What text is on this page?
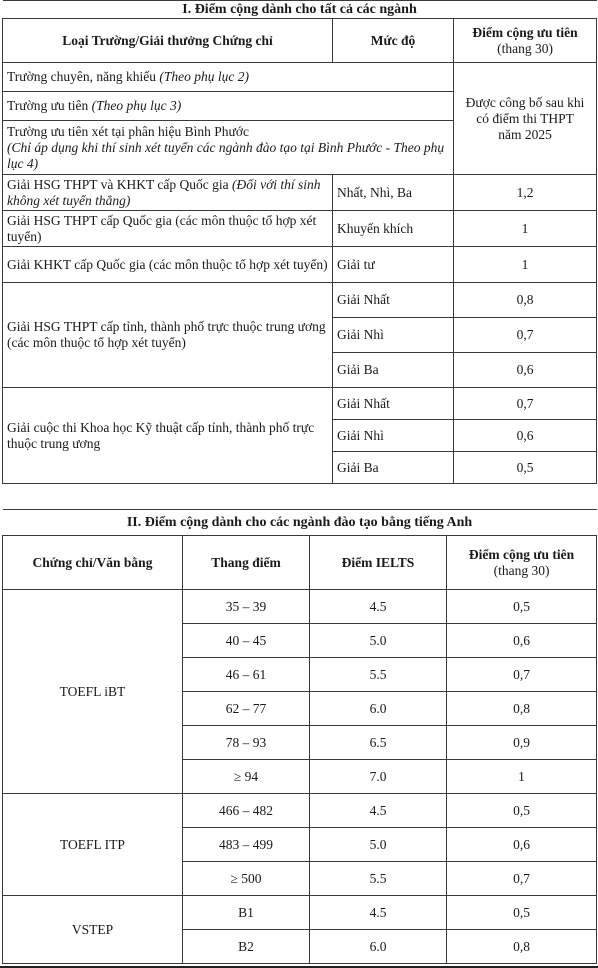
I. Điểm cộng dành cho tất cả các ngành		
Loại Trường/Giải thưởng Chứng chỉ	Mức độ	Điểm cộng ưu tiên
(thang 30)
Trường chuyên, năng khiếu (Theo phụ lục 2)		Được công bố sau khi có điểm thi THPT năm 2025
Trường ưu tiên (Theo phụ lục 3)		
Trường ưu tiên xét tại phân hiệu Bình Phước
(Chỉ áp dụng khi thí sinh xét tuyển các ngành đào tạo tại Bình Phước - Theo phụ lục 4)		
Giải HSG THPT và KHKT cấp Quốc gia (Đối với thí sinh không xét tuyển thẳng)	Nhất, Nhì, Ba	1,2
Giải HSG THPT cấp Quốc gia (các môn thuộc tổ hợp xét tuyển)	Khuyến khích	1
Giải KHKT cấp Quốc gia (các môn thuộc tổ hợp xét tuyển)	Giải tư	1
Giải HSG THPT cấp tỉnh, thành phố trực thuộc trung ương (các môn thuộc tổ hợp xét tuyển)	Giải Nhất	0,8
	Giải Nhì	0,7
	Giải Ba	0,6
Giải cuộc thi Khoa học Kỹ thuật cấp tỉnh, thành phố trực thuộc trung ương	Giải Nhất	0,7
	Giải Nhì	0,6
	Giải Ba	0,5
II. Điểm cộng dành cho các ngành đào tạo bằng tiếng Anh			
Chứng chỉ/Văn bằng	Thang điểm	Điểm IELTS	Điểm cộng ưu tiên
(thang 30)
TOEFL iBT	35 – 39	4.5	0,5
	40 – 45	5.0	0,6
	46 – 61	5.5	0,7
	62 – 77	6.0	0,8
	78 – 93	6.5	0,9
	≥ 94	7.0	1
TOEFL ITP	466 – 482	4.5	0,5
	483 – 499	5.0	0,6
	≥ 500	5.5	0,7
VSTEP	B1	4.5	0,5
	B2	6.0	0,8
